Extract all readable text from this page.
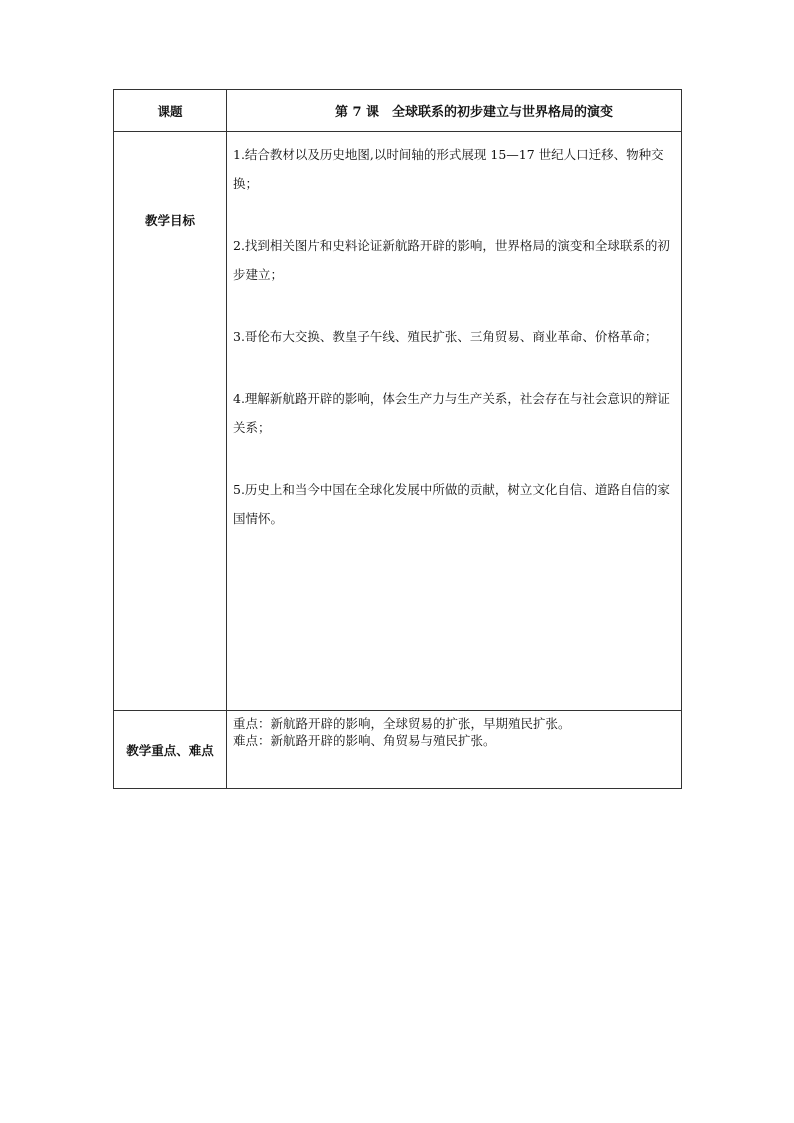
课题	第 7 课　全球联系的初步建立与世界格局的演变
教学目标	1.结合教材以及历史地图,以时间轴的形式展现 15—17 世纪人口迁移、物种交换；

2.找到相关图片和史料论证新航路开辟的影响，世界格局的演变和全球联系的初步建立；

3.哥伦布大交换、教皇子午线、殖民扩张、三角贸易、商业革命、价格革命；

4.理解新航路开辟的影响，体会生产力与生产关系，社会存在与社会意识的辩证关系；

5.历史上和当今中国在全球化发展中所做的贡献，树立文化自信、道路自信的家国情怀。

教学重点、难点	重点：新航路开辟的影响，全球贸易的扩张，早期殖民扩张。

难点：新航路开辟的影响、角贸易与殖民扩张。
